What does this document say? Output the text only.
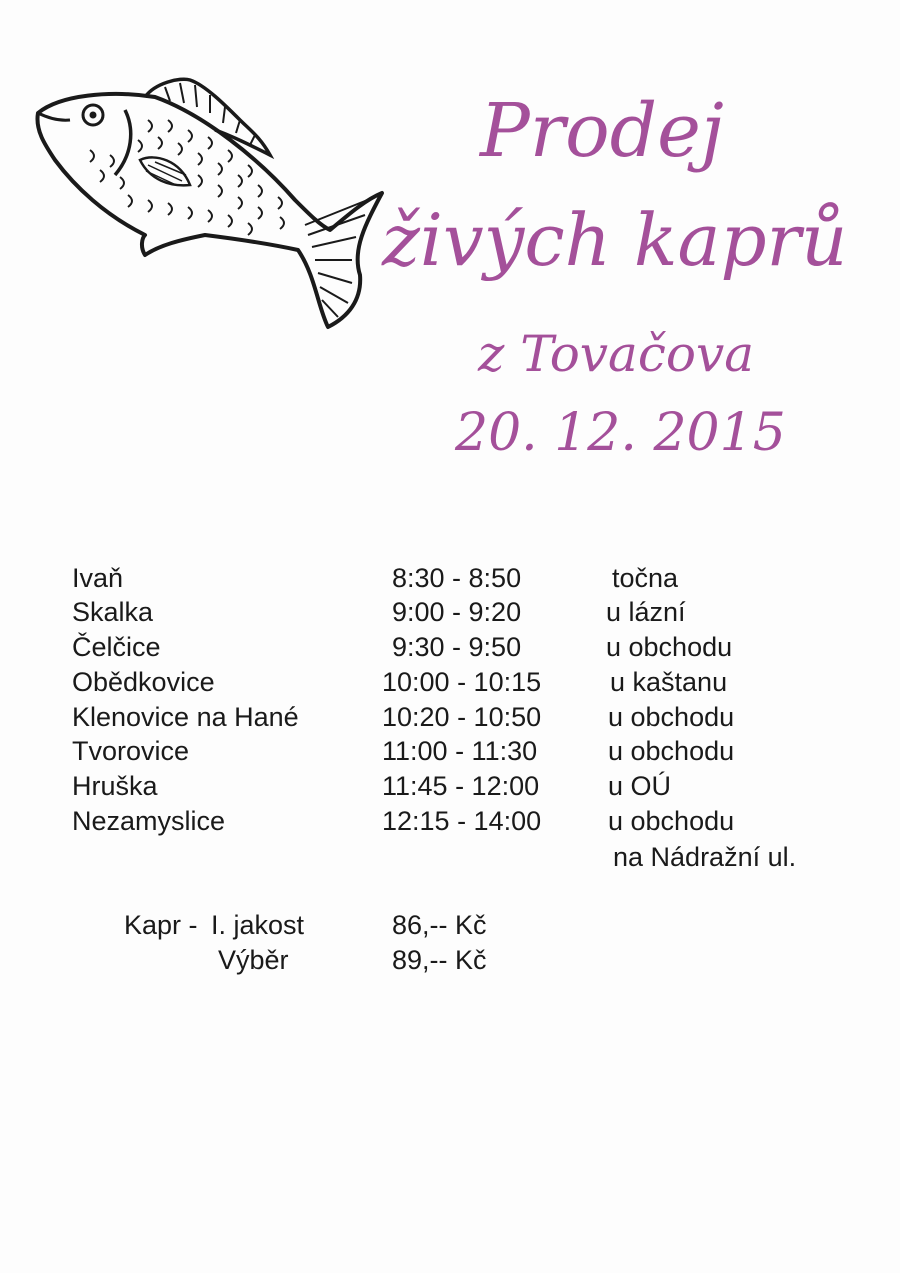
Prodej
živých kaprů
z Tovačova
20. 12. 2015
Ivaň	8:30 - 8:50	točna
Skalka	9:00 - 9:20	u lázní
Čelčice	9:30 - 9:50	u obchodu
Obědkovice	10:00 - 10:15	u kaštanu
Klenovice na Hané	10:20 - 10:50 u obchodu
Tvorovice	11:00 - 11:30	u obchodu
Hruška	11:45 - 12:00	u OÚ
Nezamyslice	12:15 - 14:00 u obchodu
na Nádražní ul.
Kapr - I. jakost	86,-- Kč
Výběr	89,-- Kč
